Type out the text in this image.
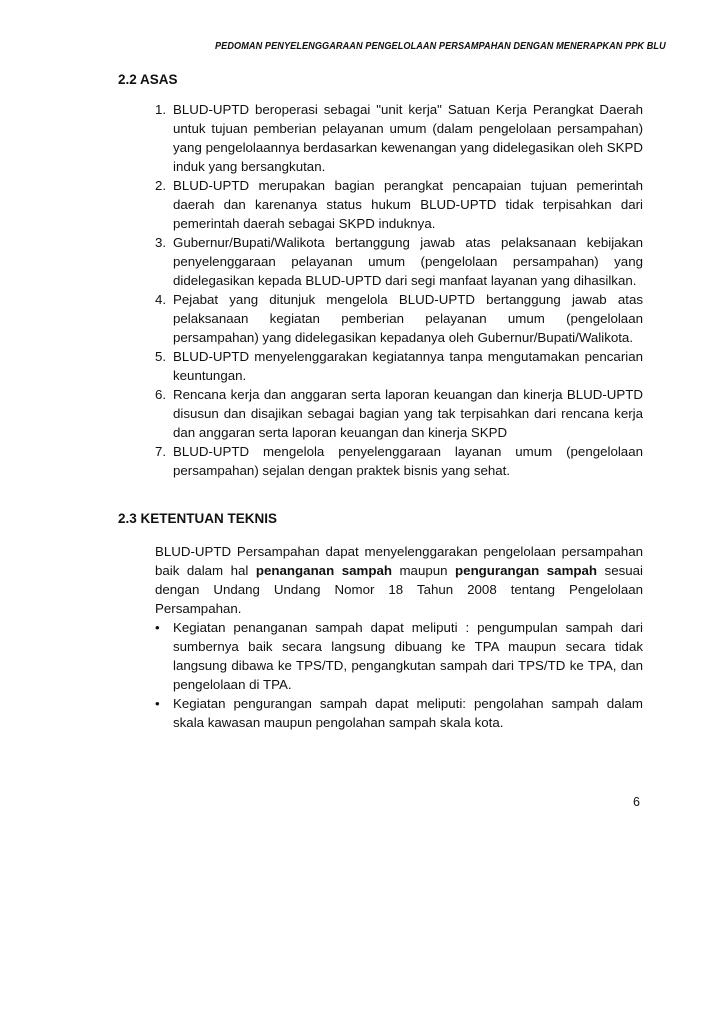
PEDOMAN PENYELENGGARAAN PENGELOLAAN PERSAMPAHAN DENGAN MENERAPKAN PPK BLU
2.2 ASAS
1. BLUD-UPTD beroperasi sebagai "unit kerja" Satuan Kerja Perangkat Daerah untuk tujuan pemberian pelayanan umum (dalam pengelolaan persampahan) yang pengelolaannya berdasarkan kewenangan yang didelegasikan oleh SKPD induk yang bersangkutan.
2. BLUD-UPTD merupakan bagian perangkat pencapaian tujuan pemerintah daerah dan karenanya status hukum BLUD-UPTD tidak terpisahkan dari pemerintah daerah sebagai SKPD induknya.
3. Gubernur/Bupati/Walikota bertanggung jawab atas pelaksanaan kebijakan penyelenggaraan pelayanan umum (pengelolaan persampahan) yang didelegasikan kepada BLUD-UPTD dari segi manfaat layanan yang dihasilkan.
4. Pejabat yang ditunjuk mengelola BLUD-UPTD bertanggung jawab atas pelaksanaan kegiatan pemberian pelayanan umum (pengelolaan persampahan) yang didelegasikan kepadanya oleh Gubernur/Bupati/Walikota.
5. BLUD-UPTD menyelenggarakan kegiatannya tanpa mengutamakan pencarian keuntungan.
6. Rencana kerja dan anggaran serta laporan keuangan dan kinerja BLUD-UPTD disusun dan disajikan sebagai bagian yang tak terpisahkan dari rencana kerja dan anggaran serta laporan keuangan dan kinerja SKPD
7. BLUD-UPTD mengelola penyelenggaraan layanan umum (pengelolaan persampahan) sejalan dengan praktek bisnis yang sehat.
2.3 KETENTUAN TEKNIS

BLUD-UPTD Persampahan dapat menyelenggarakan pengelolaan persampahan baik dalam hal penanganan sampah maupun pengurangan sampah sesuai dengan Undang Undang Nomor 18 Tahun 2008 tentang Pengelolaan Persampahan.

• Kegiatan penanganan sampah dapat meliputi : pengumpulan sampah dari sumbernya baik secara langsung dibuang ke TPA maupun secara tidak langsung dibawa ke TPS/TD, pengangkutan sampah dari TPS/TD ke TPA, dan pengelolaan di TPA.
• Kegiatan pengurangan sampah dapat meliputi: pengolahan sampah dalam skala kawasan maupun pengolahan sampah skala kota.
6
